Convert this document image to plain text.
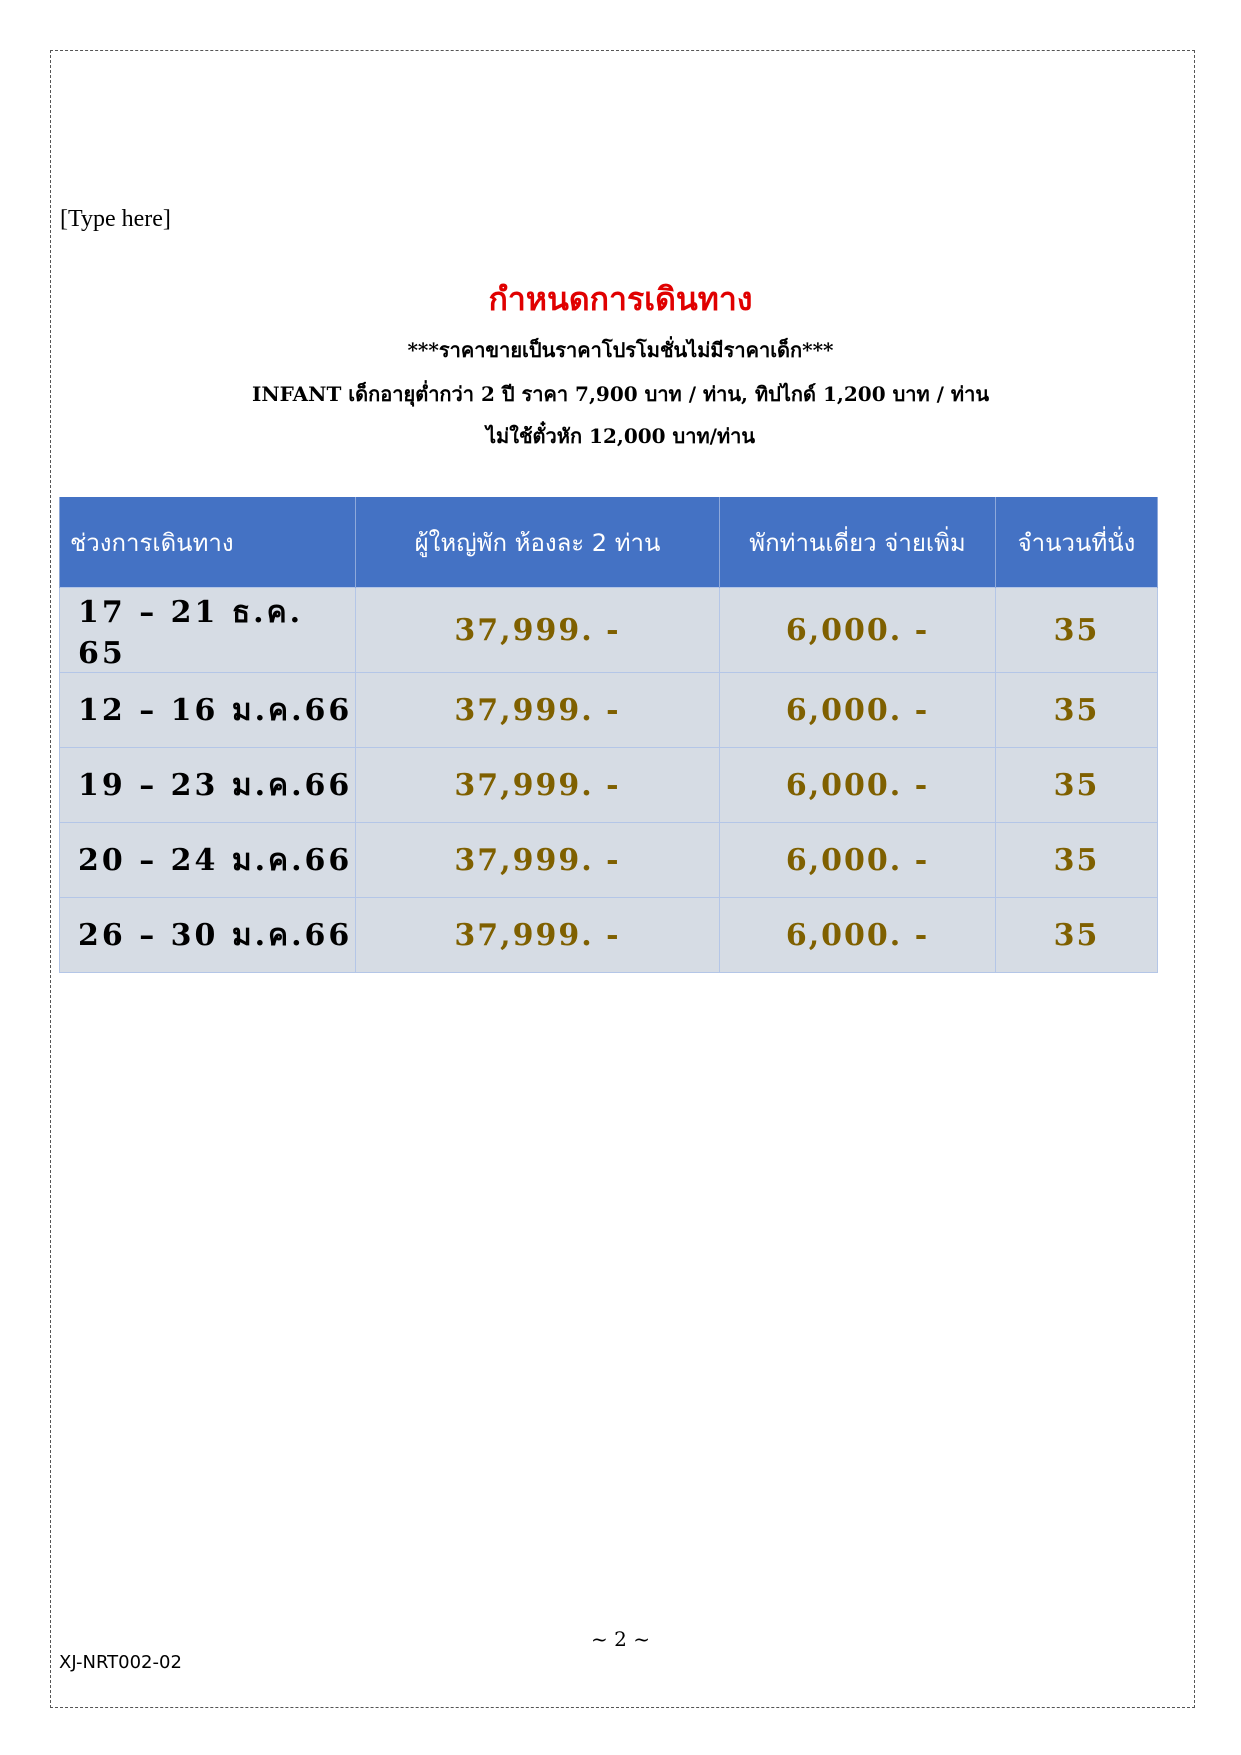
[Type here]
กำหนดการเดินทาง
***ราคาขายเป็นราคาโปรโมชั่นไม่มีราคาเด็ก***
INFANT เด็กอายุต่ำกว่า 2 ปี ราคา 7,900 บาท / ท่าน, ทิปไกด์ 1,200 บาท / ท่าน
ไม่ใช้ตั๋วหัก 12,000 บาท/ท่าน
ช่วงการเดินทาง	ผู้ใหญ่พัก ห้องละ 2 ท่าน	พักท่านเดี่ยว จ่ายเพิ่ม	จำนวนที่นั่ง
17 – 21 ธ.ค. 65	37,999. -	6,000. -	35
12 – 16 ม.ค.66	37,999. -	6,000. -	35
19 – 23 ม.ค.66	37,999. -	6,000. -	35
20 – 24 ม.ค.66	37,999. -	6,000. -	35
26 – 30 ม.ค.66	37,999. -	6,000. -	35
~ 2 ~
XJ-NRT002-02
